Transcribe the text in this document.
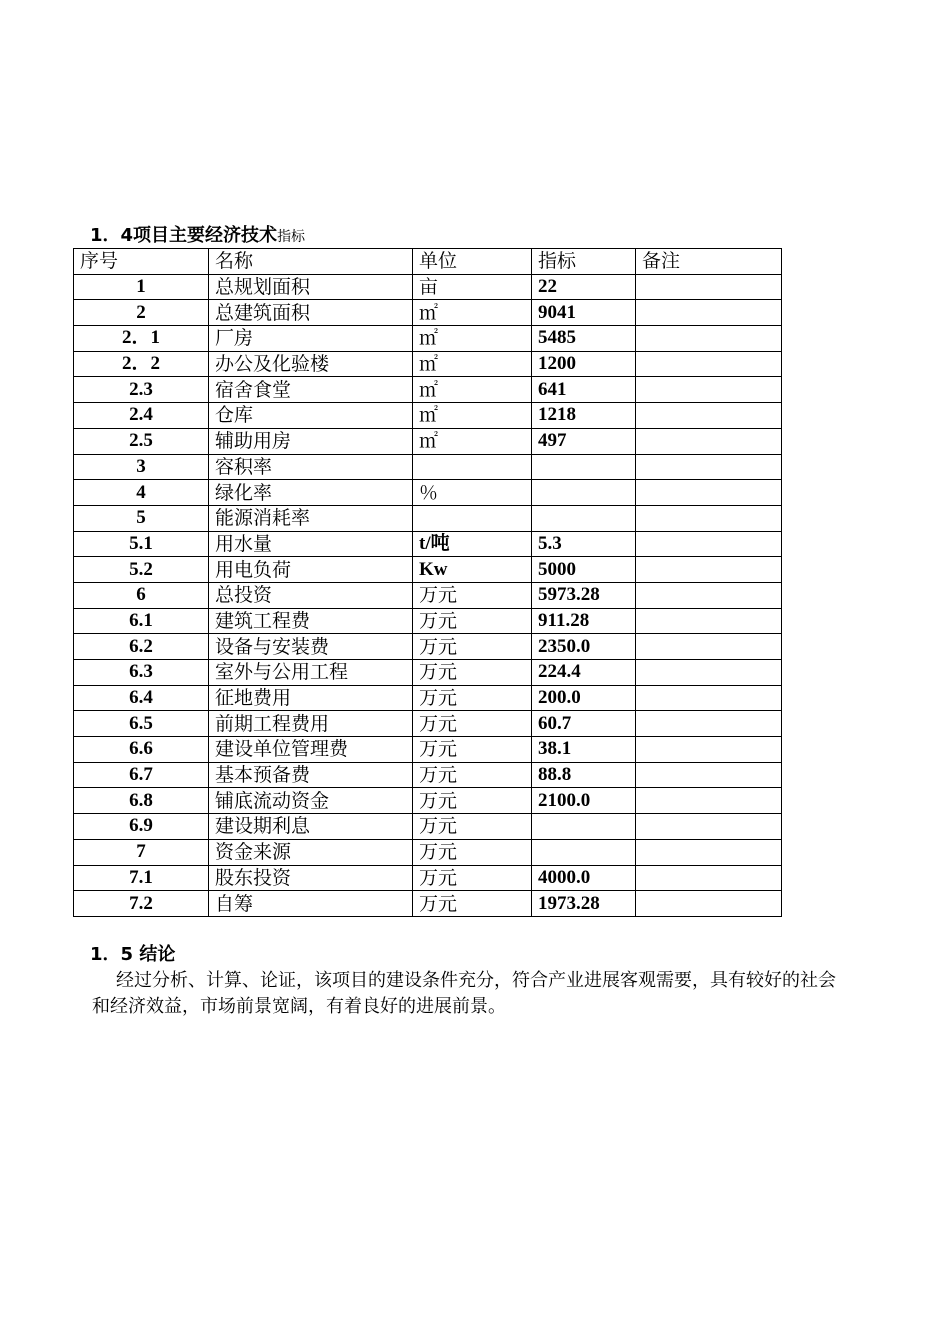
1．4项目主要经济技术指标
序号	名称	单位	指标	备注
1	总规划面积	亩	22	
2	总建筑面积	㎡	9041	
2．1	厂房	㎡	5485	
2．2	办公及化验楼	㎡	1200	
2.3	宿舍食堂	㎡	641	
2.4	仓库	㎡	1218	
2.5	辅助用房	㎡	497	
3	容积率			
4	绿化率	％		
5	能源消耗率			
5.1	用水量	t/吨	5.3	
5.2	用电负荷	Kw	5000	
6	总投资	万元	5973.28	
6.1	建筑工程费	万元	911.28	
6.2	设备与安装费	万元	2350.0	
6.3	室外与公用工程	万元	224.4	
6.4	征地费用	万元	200.0	
6.5	前期工程费用	万元	60.7	
6.6	建设单位管理费	万元	38.1	
6.7	基本预备费	万元	88.8	
6.8	铺底流动资金	万元	2100.0	
6.9	建设期利息	万元		
7	资金来源	万元		
7.1	股东投资	万元	4000.0	
7.2	自筹	万元	1973.28	
1．5 结论
经过分析、计算、论证，该项目的建设条件充分，符合产业进展客观需要，具有较好的社会和经济效益，市场前景宽阔，有着良好的进展前景。
